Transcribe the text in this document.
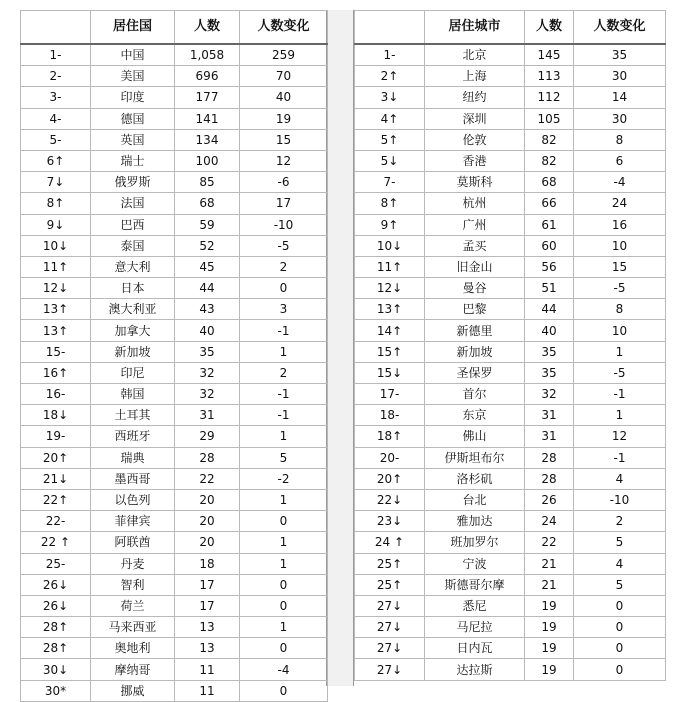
	居住国	人数	人数变化
1-	中国	1,058	259
2-	美国	696	70
3-	印度	177	40
4-	德国	141	19
5-	英国	134	15
6↑	瑞士	100	12
7↓	俄罗斯	85	-6
8↑	法国	68	17
9↓	巴西	59	-10
10↓	泰国	52	-5
11↑	意大利	45	2
12↓	日本	44	0
13↑	澳大利亚	43	3
13↑	加拿大	40	-1
15-	新加坡	35	1
16↑	印尼	32	2
16-	韩国	32	-1
18↓	土耳其	31	-1
19-	西班牙	29	1
20↑	瑞典	28	5
21↓	墨西哥	22	-2
22↑	以色列	20	1
22-	菲律宾	20	0
22 ↑	阿联酋	20	1
25-	丹麦	18	1
26↓	智利	17	0
26↓	荷兰	17	0
28↑	马来西亚	13	1
28↑	奥地利	13	0
30↓	摩纳哥	11	-4
30*	挪威	11	0
	居住城市	人数	人数变化
1-	北京	145	35
2↑	上海	113	30
3↓	纽约	112	14
4↑	深圳	105	30
5↑	伦敦	82	8
5↓	香港	82	6
7-	莫斯科	68	-4
8↑	杭州	66	24
9↑	广州	61	16
10↓	孟买	60	10
11↑	旧金山	56	15
12↓	曼谷	51	-5
13↑	巴黎	44	8
14↑	新德里	40	10
15↑	新加坡	35	1
15↓	圣保罗	35	-5
17-	首尔	32	-1
18-	东京	31	1
18↑	佛山	31	12
20-	伊斯坦布尔	28	-1
20↑	洛杉矶	28	4
22↓	台北	26	-10
23↓	雅加达	24	2
24 ↑	班加罗尔	22	5
25↑	宁波	21	4
25↑	斯德哥尔摩	21	5
27↓	悉尼	19	0
27↓	马尼拉	19	0
27↓	日内瓦	19	0
27↓	达拉斯	19	0
